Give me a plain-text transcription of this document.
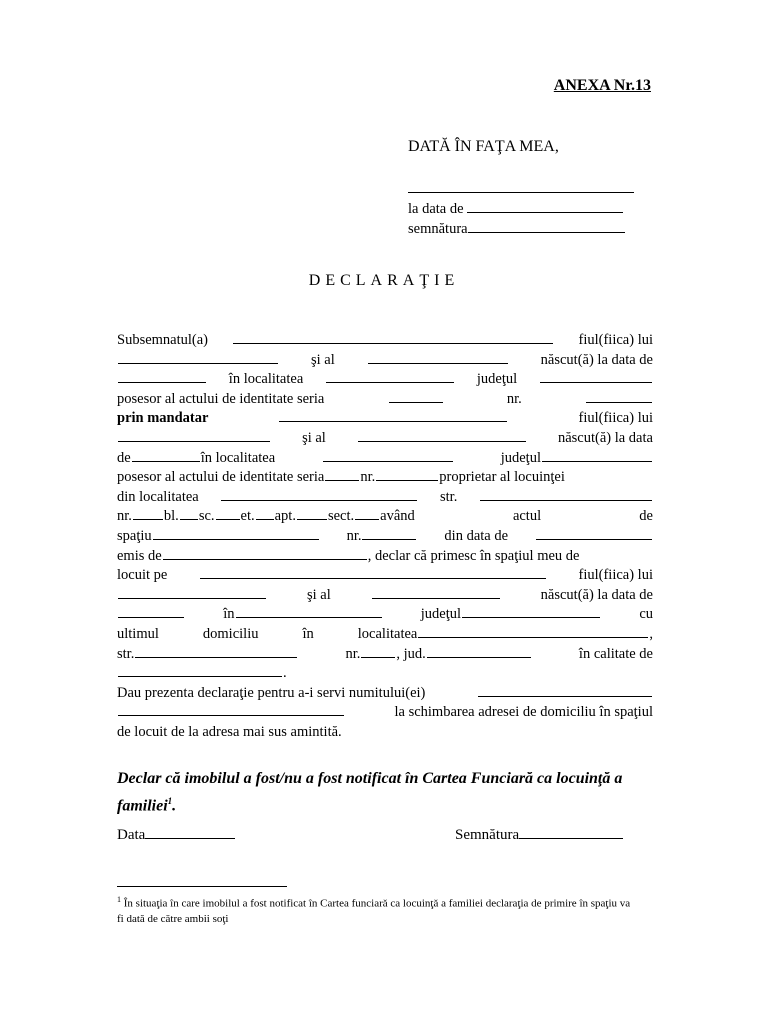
ANEXA Nr.13
DATĂ ÎN FAŢA MEA,
la data de
semnătura
DECLARAŢIE
Subsemnatul(a)	fiul(fiica) lui
şi al	născut(ă) la data de
în localitatea	judeţul
posesor al actului de identitate seria	nr.
prin mandatar	fiul(fiica) lui
şi al	născut(ă) la data
de	în localitatea	judeţul
posesor al actului de identitate seria nr.	proprietar al locuinţei
din localitatea	str.
nr. bl. sc. et. apt. sect. având	actul	de
spaţiu	nr.	din data de
emis de	, declar că primesc în spaţiul meu de
locuit pe	fiul(fiica) lui
şi al	născut(ă) la data de
în	judeţul	cu
ultimul	domiciliu	în	localitatea	,
str.	nr. , jud.	în calitate de
.
Dau prezenta declaraţie pentru a-i servi numitului(ei)
la schimbarea adresei de domiciliu în spaţiul
de locuit de la adresa mai sus amintită.
Declar că imobilul a fost/nu a fost notificat în Cartea Funciară ca locuinţă a familiei$^1$.
Data	Semnătura
$^1$ În situaţia în care imobilul a fost notificat în Cartea funciară ca locuinţă a familiei declaraţia de primire în spaţiu va fi dată de către ambii soţi
